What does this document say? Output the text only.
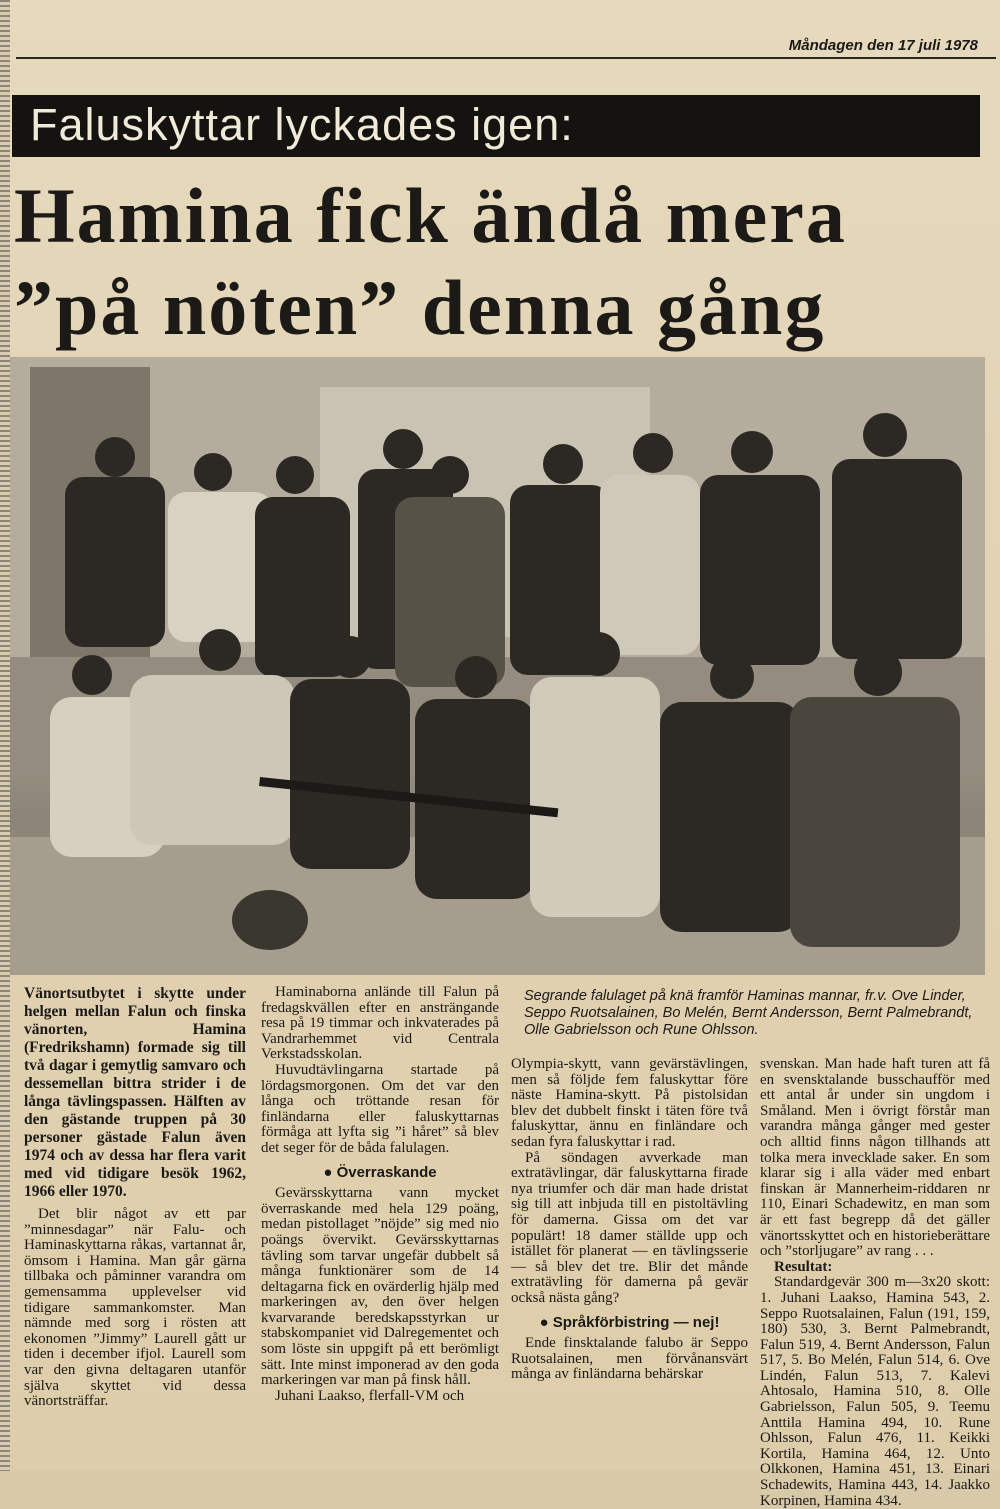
Måndagen den 17 juli 1978
Faluskyttar lyckades igen:
Hamina fick ändå mera
”på nöten” denna gång
Segrande falulaget på knä framför Haminas mannar, fr.v. Ove Linder, Seppo Ruotsalainen, Bo Melén, Bernt Andersson, Bernt Palmebrandt, Olle Gabrielsson och Rune Ohlsson.

Vänortsutbytet i skytte under helgen mellan Falun och finska vänorten, Hamina (Fredrikshamn) formade sig till två dagar i gemytlig samvaro och dessemellan bittra strider i de långa tävlingspassen. Hälften av den gästande truppen på 30 personer gästade Falun även 1974 och av dessa har flera varit med vid tidigare besök 1962, 1966 eller 1970.

Det blir något av ett par ”minnesdagar” när Falu- och Haminaskyttarna råkas, vartannat år, ömsom i Hamina. Man går gärna tillbaka och påminner varandra om gemensamma upplevelser vid tidigare sammankomster. Man nämnde med sorg i rösten att ekonomen ”Jimmy” Laurell gått ur tiden i december ifjol. Laurell som var den givna deltagaren utanför själva skyttet vid dessa vänortsträffar.

Haminaborna anlände till Falun på fredagskvällen efter en ansträngande resa på 19 timmar och inkvaterades på Vandrarhemmet vid Centrala Verkstadsskolan.

Huvudtävlingarna startade på lördagsmorgonen. Om det var den långa och tröttande resan för finländarna eller faluskyttarnas förmåga att lyfta sig ”i håret” så blev det seger för de båda falulagen.

● Överraskande

Gevärsskyttarna vann mycket överraskande med hela 129 poäng, medan pistollaget ”nöjde” sig med nio poängs övervikt. Gevärsskyttarnas tävling som tarvar ungefär dubbelt så många funktionärer som de 14 deltagarna fick en ovärderlig hjälp med markeringen av, den över helgen kvarvarande beredskapsstyrkan ur stabskompaniet vid Dalregementet och som löste sin uppgift på ett berömligt sätt. Inte minst imponerad av den goda markeringen var man på finsk håll.

Juhani Laakso, flerfall-VM och

Olympia-skytt, vann gevärstävlingen, men så följde fem faluskyttar före näste Hamina-skytt. På pistolsidan blev det dubbelt finskt i täten före två faluskyttar, ännu en finländare och sedan fyra faluskyttar i rad.

På söndagen avverkade man extratävlingar, där faluskyttarna firade nya triumfer och där man hade dristat sig till att inbjuda till en pistoltävling för damerna. Gissa om det var populärt! 18 damer ställde upp och istället för planerat — en tävlingsserie — så blev det tre. Blir det månde extratävling för damerna på gevär också nästa gång?

● Språkförbistring — nej!

Ende finsktalande falubo är Seppo Ruotsalainen, men förvånansvärt många av finländarna behärskar

svenskan. Man hade haft turen att få en svensktalande busschaufför med ett antal år under sin ungdom i Småland. Men i övrigt förstår man varandra många gånger med gester och alltid finns någon tillhands att tolka mera invecklade saker. En som klarar sig i alla väder med enbart finskan är Mannerheim-riddaren nr 110, Einari Schadewitz, en man som är ett fast begrepp då det gäller vänortsskyttet och en historieberättare och ”storljugare” av rang . . .

Resultat:

Standardgevär 300 m—3x20 skott: 1. Juhani Laakso, Hamina 543, 2. Seppo Ruotsalainen, Falun (191, 159, 180) 530, 3. Bernt Palmebrandt, Falun 519, 4. Bernt Andersson, Falun 517, 5. Bo Melén, Falun 514, 6. Ove Lindén, Falun 513, 7. Kalevi Ahtosalo, Hamina 510, 8. Olle Gabrielsson, Falun 505, 9. Teemu Anttila Hamina 494, 10. Rune Ohlsson, Falun 476, 11. Keikki Kortila, Hamina 464, 12. Unto Olkkonen, Hamina 451, 13. Einari Schadewits, Hamina 443, 14. Jaakko Korpinen, Hamina 434.
